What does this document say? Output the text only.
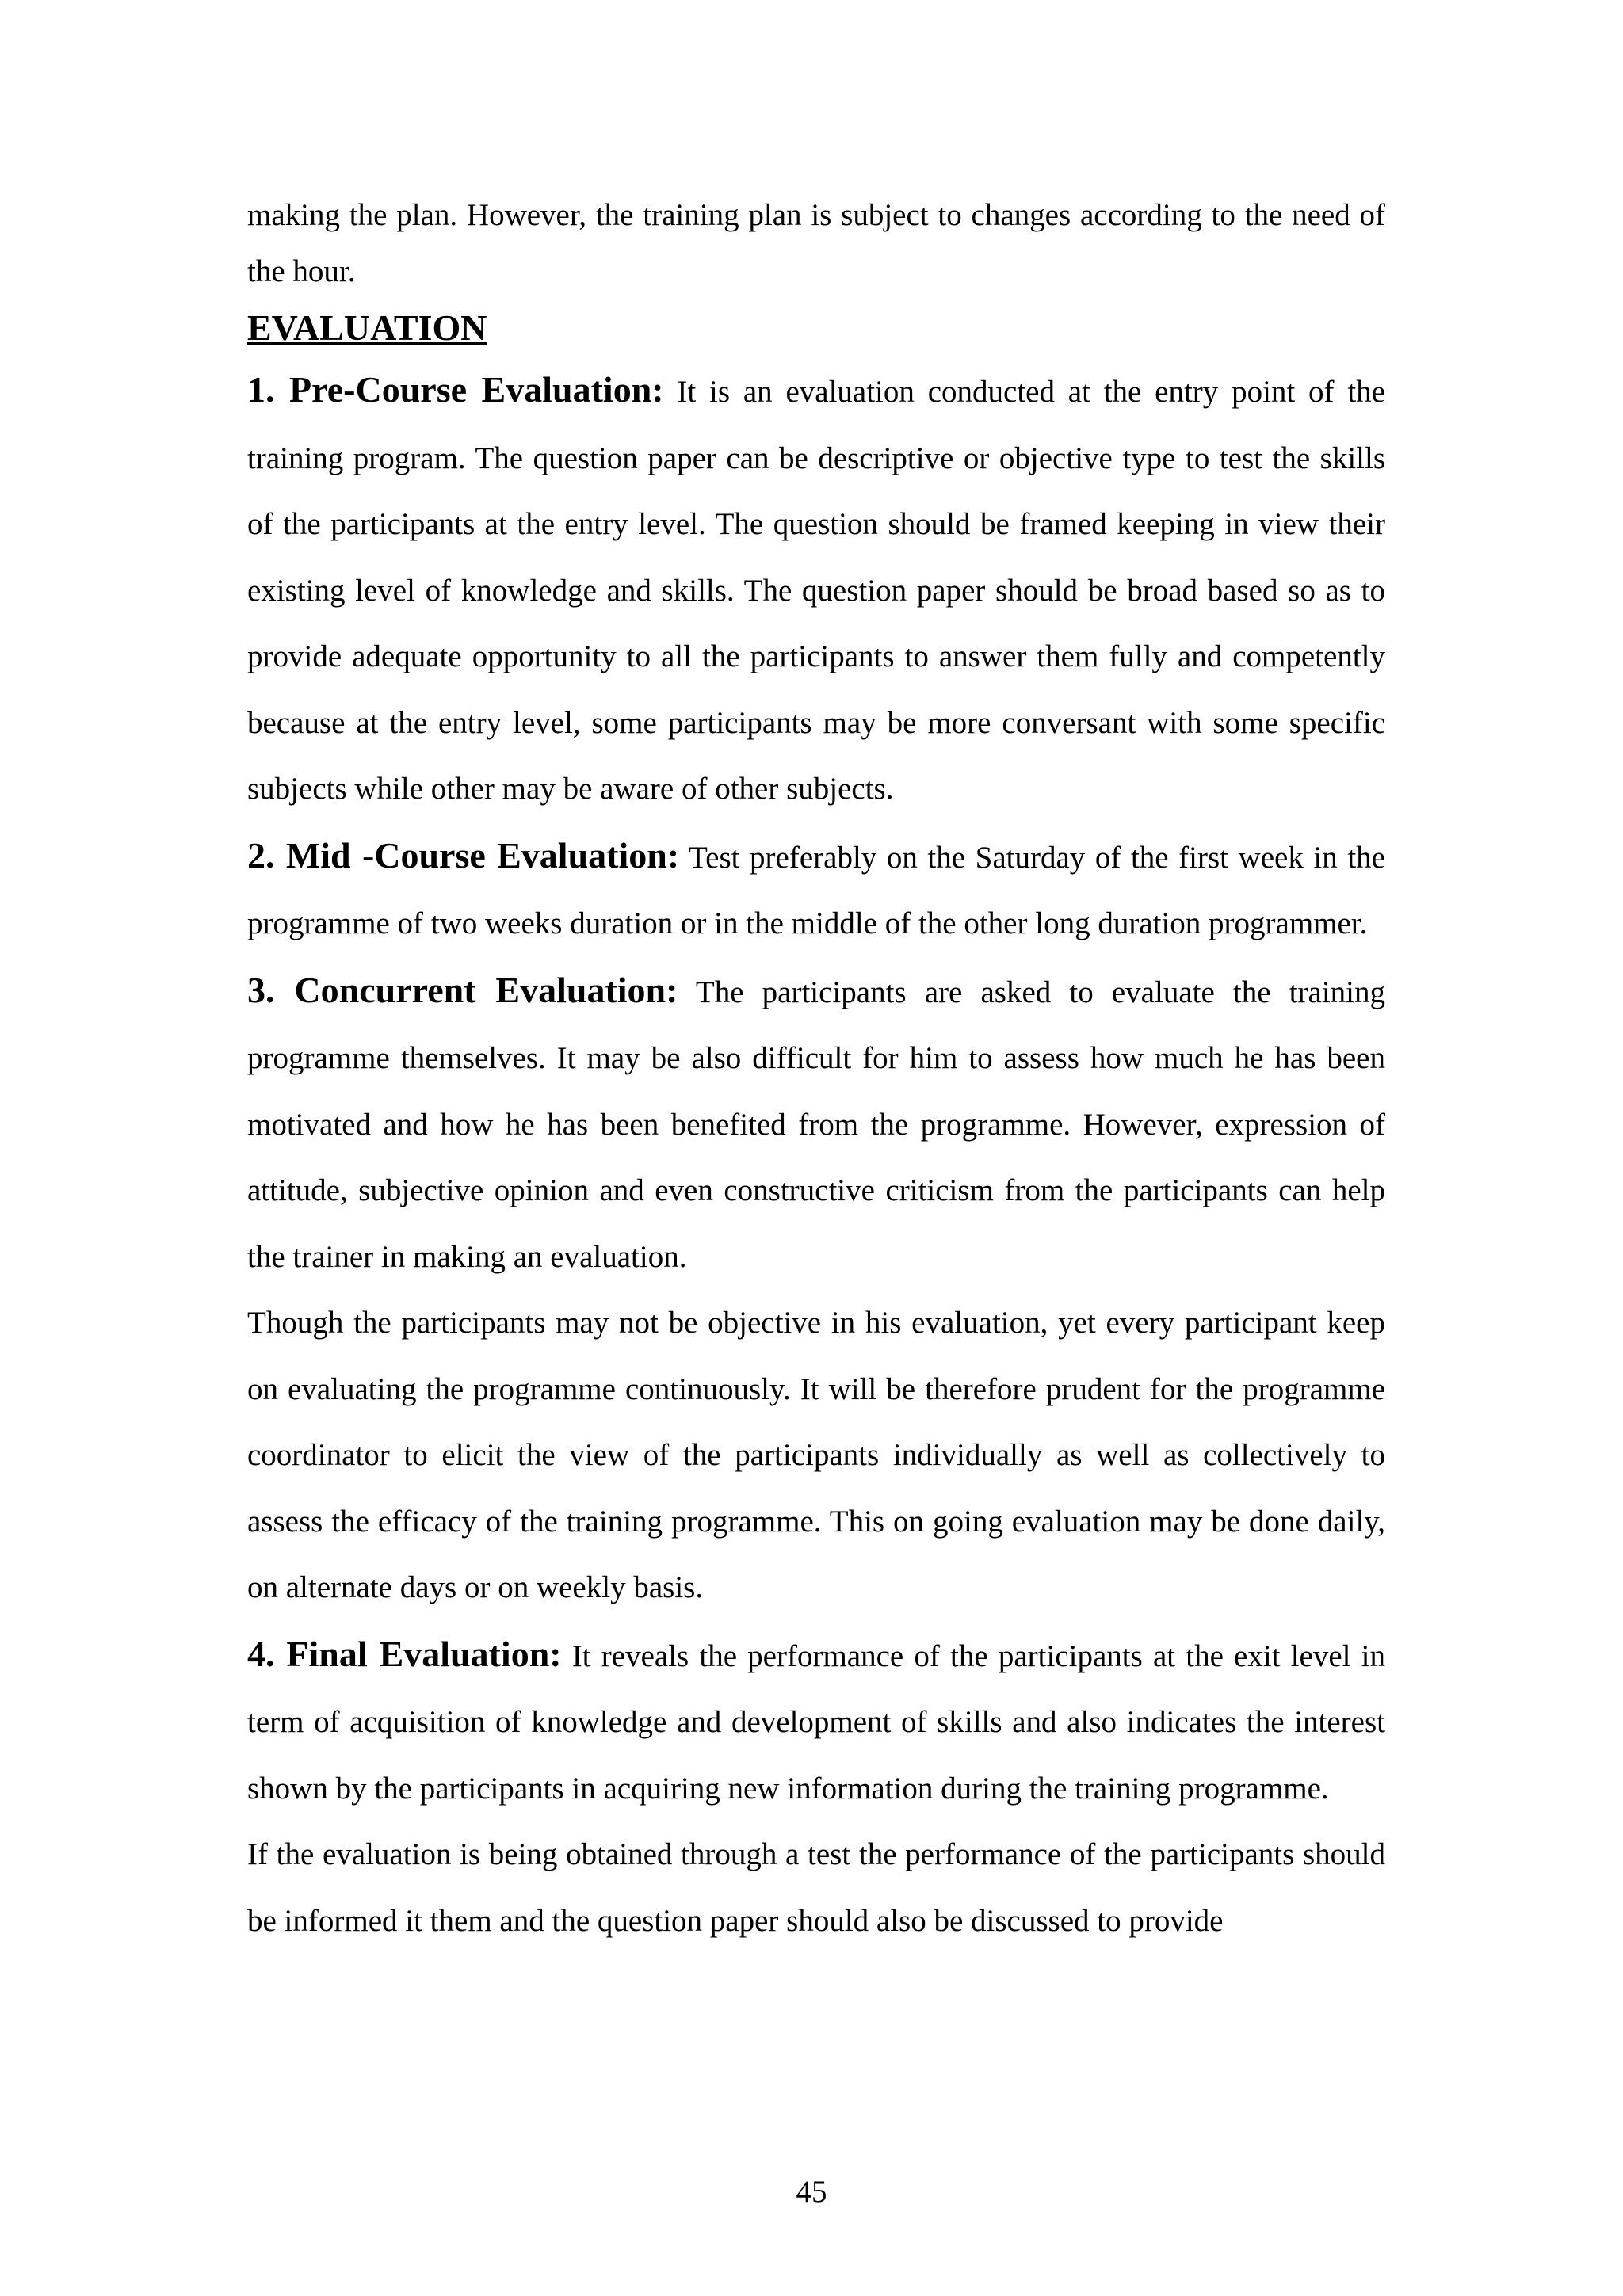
making the plan. However, the training plan is subject to changes according to the need of the hour.

EVALUATION

1. Pre-Course Evaluation: It is an evaluation conducted at the entry point of the training program. The question paper can be descriptive or objective type to test the skills of the participants at the entry level. The question should be framed keeping in view their existing level of knowledge and skills. The question paper should be broad based so as to provide adequate opportunity to all the participants to answer them fully and competently because at the entry level, some participants may be more conversant with some specific subjects while other may be aware of other subjects.

2. Mid -Course Evaluation: Test preferably on the Saturday of the first week in the programme of two weeks duration or in the middle of the other long duration programmer.

3. Concurrent Evaluation: The participants are asked to evaluate the training programme themselves. It may be also difficult for him to assess how much he has been motivated and how he has been benefited from the programme. However, expression of attitude, subjective opinion and even constructive criticism from the participants can help the trainer in making an evaluation.

Though the participants may not be objective in his evaluation, yet every participant keep on evaluating the programme continuously. It will be therefore prudent for the programme coordinator to elicit the view of the participants individually as well as collectively to assess the efficacy of the training programme. This on going evaluation may be done daily, on alternate days or on weekly basis.

4. Final Evaluation: It reveals the performance of the participants at the exit level in term of acquisition of knowledge and development of skills and also indicates the interest shown by the participants in acquiring new information during the training programme.

If the evaluation is being obtained through a test the performance of the participants should be informed it them and the question paper should also be discussed to provide

45
